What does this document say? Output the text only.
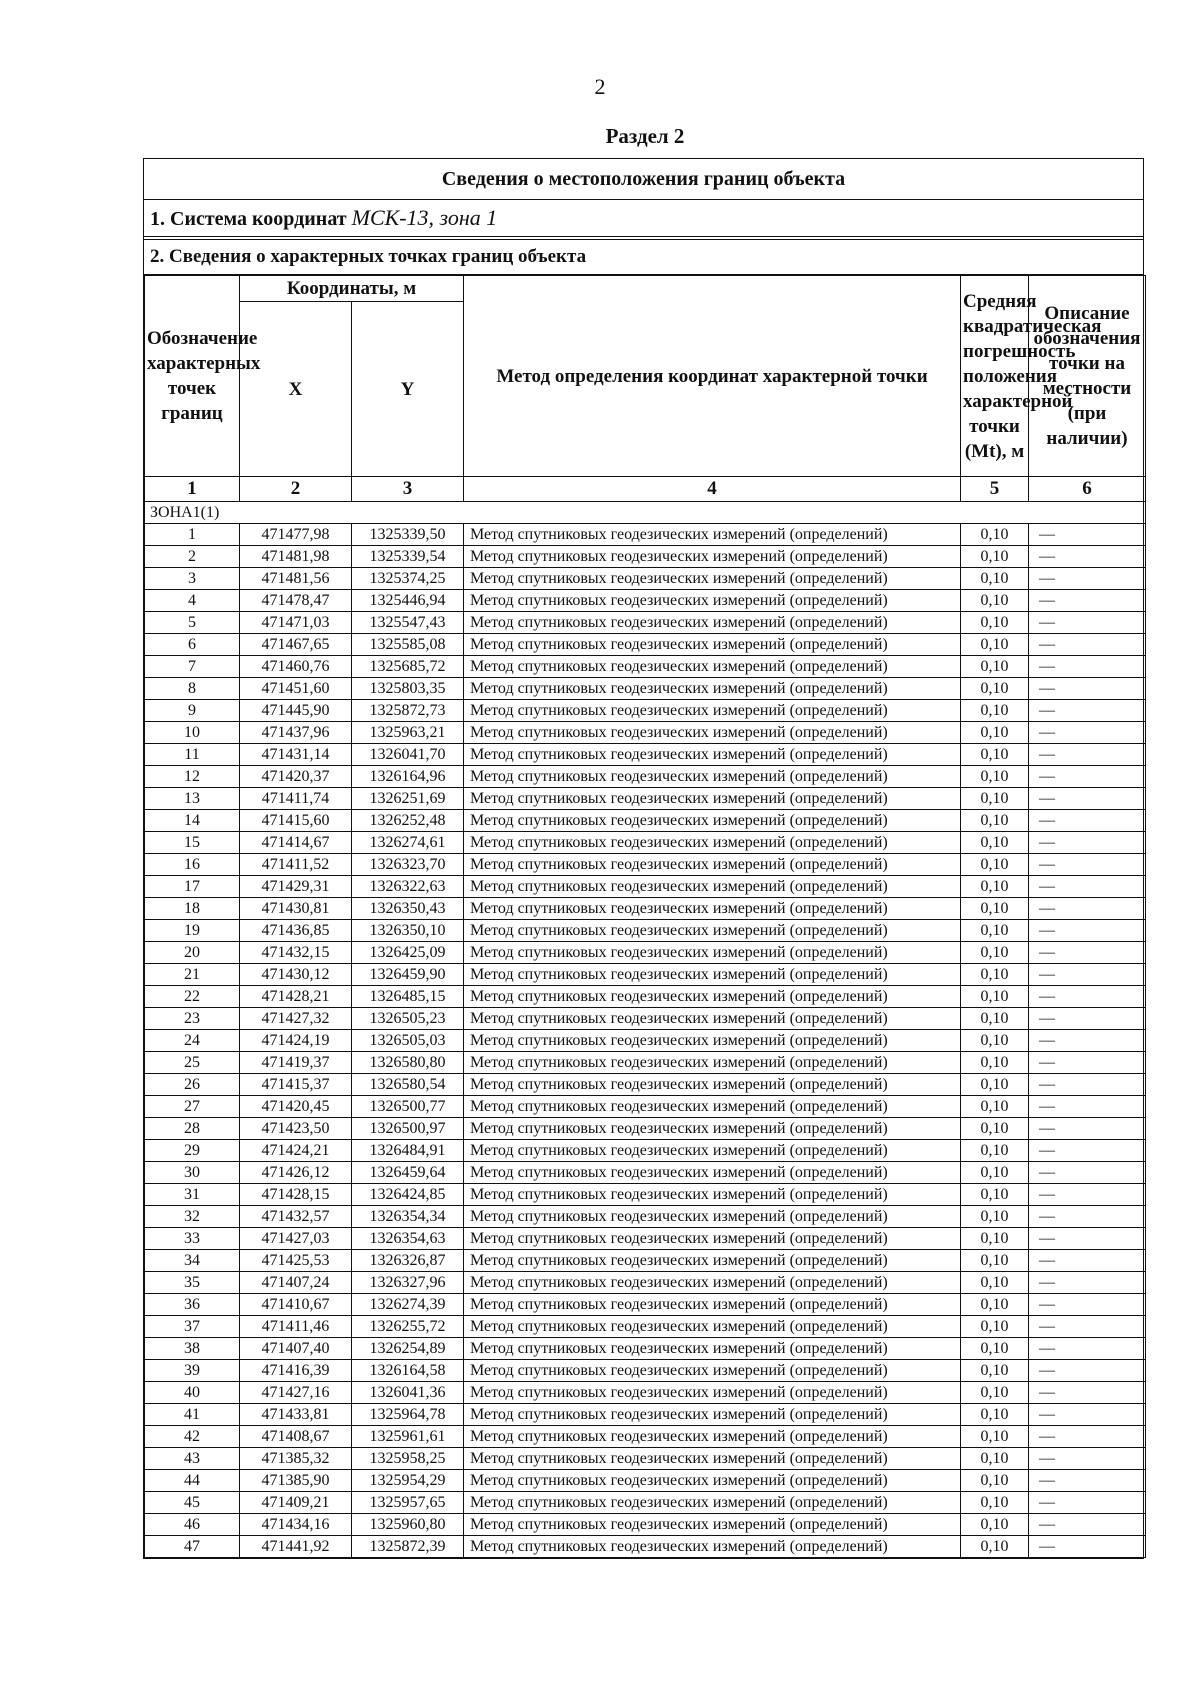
2
Раздел 2
Сведения о местоположения границ объекта
1. Система координат МСК-13, зона 1
2. Сведения о характерных точках границ объекта
Обозначение характерных точек границ	Координаты, м		Метод определения координат характерной точки	Средняя квадратическая погрешность положения характерной точки (Mt), м	Описание обозначения точки на местности (при наличии)
	X	Y			
1	2	3	4	5	6
ЗОНА1(1)					
1	471477,98	1325339,50	Метод спутниковых геодезических измерений (определений)	0,10	—
2	471481,98	1325339,54	Метод спутниковых геодезических измерений (определений)	0,10	—
3	471481,56	1325374,25	Метод спутниковых геодезических измерений (определений)	0,10	—
4	471478,47	1325446,94	Метод спутниковых геодезических измерений (определений)	0,10	—
5	471471,03	1325547,43	Метод спутниковых геодезических измерений (определений)	0,10	—
6	471467,65	1325585,08	Метод спутниковых геодезических измерений (определений)	0,10	—
7	471460,76	1325685,72	Метод спутниковых геодезических измерений (определений)	0,10	—
8	471451,60	1325803,35	Метод спутниковых геодезических измерений (определений)	0,10	—
9	471445,90	1325872,73	Метод спутниковых геодезических измерений (определений)	0,10	—
10	471437,96	1325963,21	Метод спутниковых геодезических измерений (определений)	0,10	—
11	471431,14	1326041,70	Метод спутниковых геодезических измерений (определений)	0,10	—
12	471420,37	1326164,96	Метод спутниковых геодезических измерений (определений)	0,10	—
13	471411,74	1326251,69	Метод спутниковых геодезических измерений (определений)	0,10	—
14	471415,60	1326252,48	Метод спутниковых геодезических измерений (определений)	0,10	—
15	471414,67	1326274,61	Метод спутниковых геодезических измерений (определений)	0,10	—
16	471411,52	1326323,70	Метод спутниковых геодезических измерений (определений)	0,10	—
17	471429,31	1326322,63	Метод спутниковых геодезических измерений (определений)	0,10	—
18	471430,81	1326350,43	Метод спутниковых геодезических измерений (определений)	0,10	—
19	471436,85	1326350,10	Метод спутниковых геодезических измерений (определений)	0,10	—
20	471432,15	1326425,09	Метод спутниковых геодезических измерений (определений)	0,10	—
21	471430,12	1326459,90	Метод спутниковых геодезических измерений (определений)	0,10	—
22	471428,21	1326485,15	Метод спутниковых геодезических измерений (определений)	0,10	—
23	471427,32	1326505,23	Метод спутниковых геодезических измерений (определений)	0,10	—
24	471424,19	1326505,03	Метод спутниковых геодезических измерений (определений)	0,10	—
25	471419,37	1326580,80	Метод спутниковых геодезических измерений (определений)	0,10	—
26	471415,37	1326580,54	Метод спутниковых геодезических измерений (определений)	0,10	—
27	471420,45	1326500,77	Метод спутниковых геодезических измерений (определений)	0,10	—
28	471423,50	1326500,97	Метод спутниковых геодезических измерений (определений)	0,10	—
29	471424,21	1326484,91	Метод спутниковых геодезических измерений (определений)	0,10	—
30	471426,12	1326459,64	Метод спутниковых геодезических измерений (определений)	0,10	—
31	471428,15	1326424,85	Метод спутниковых геодезических измерений (определений)	0,10	—
32	471432,57	1326354,34	Метод спутниковых геодезических измерений (определений)	0,10	—
33	471427,03	1326354,63	Метод спутниковых геодезических измерений (определений)	0,10	—
34	471425,53	1326326,87	Метод спутниковых геодезических измерений (определений)	0,10	—
35	471407,24	1326327,96	Метод спутниковых геодезических измерений (определений)	0,10	—
36	471410,67	1326274,39	Метод спутниковых геодезических измерений (определений)	0,10	—
37	471411,46	1326255,72	Метод спутниковых геодезических измерений (определений)	0,10	—
38	471407,40	1326254,89	Метод спутниковых геодезических измерений (определений)	0,10	—
39	471416,39	1326164,58	Метод спутниковых геодезических измерений (определений)	0,10	—
40	471427,16	1326041,36	Метод спутниковых геодезических измерений (определений)	0,10	—
41	471433,81	1325964,78	Метод спутниковых геодезических измерений (определений)	0,10	—
42	471408,67	1325961,61	Метод спутниковых геодезических измерений (определений)	0,10	—
43	471385,32	1325958,25	Метод спутниковых геодезических измерений (определений)	0,10	—
44	471385,90	1325954,29	Метод спутниковых геодезических измерений (определений)	0,10	—
45	471409,21	1325957,65	Метод спутниковых геодезических измерений (определений)	0,10	—
46	471434,16	1325960,80	Метод спутниковых геодезических измерений (определений)	0,10	—
47	471441,92	1325872,39	Метод спутниковых геодезических измерений (определений)	0,10	—
